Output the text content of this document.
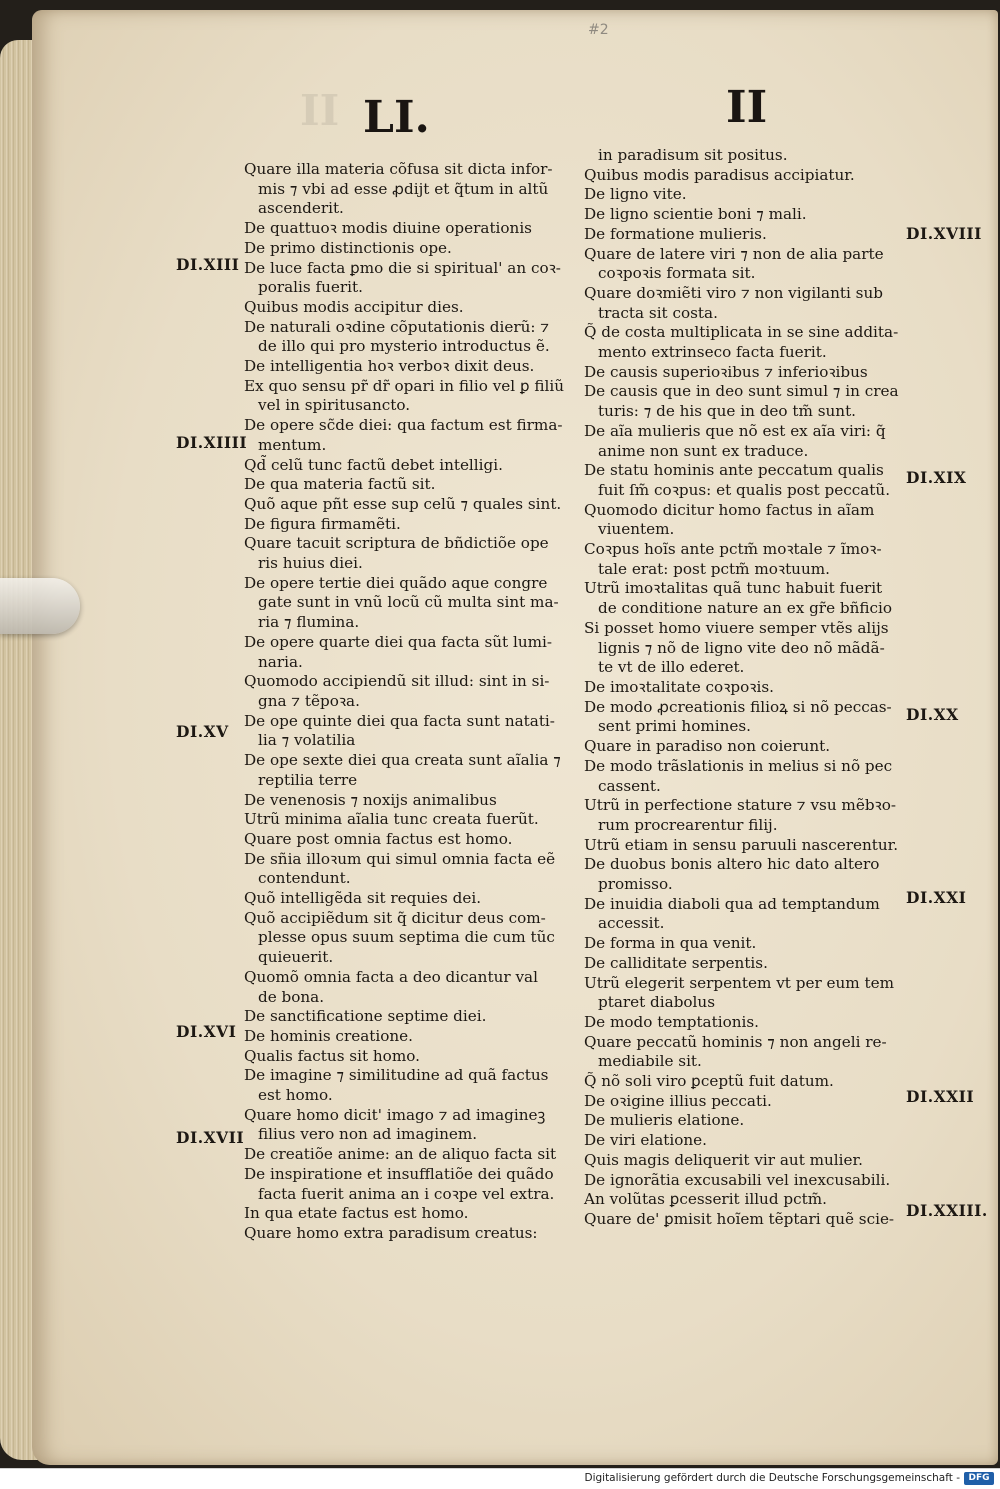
II
#2
LI.	II
Quare illa materia cõfusa sit dicta infor-
mis ⁊ vbi ad esse ꝓdijt et q̃tum in altũ
ascenderit.
De quattuoꝛ modis diuine operationis
De primo distinctionis ope.
De luce facta ꝑmo die si spiritual' an coꝛ-
poralis fuerit.
Quibus modis accipitur dies.
De naturali oꝛdine cõputationis dierũ: ⁊
de illo qui pro mysterio introductus ẽ.
De intelligentia hoꝛ verboꝛ dixit deus.
Ex quo sensu pr̃ dr̃ opari in filio vel ꝑ filiũ
vel in spiritusancto.
De opere sc̃de diei: qua factum est firma-
mentum.
Qd̃ celũ tunc factũ debet intelligi.
De qua materia factũ sit.
Quõ aque pñt esse sup celũ ⁊ quales sint.
De figura firmamẽti.
Quare tacuit scriptura de bñdictiõe ope
ris huius diei.
De opere tertie diei quãdo aque congre
gate sunt in vnũ locũ cũ multa sint ma-
ria ⁊ flumina.
De opere quarte diei qua facta sũt lumi-
naria.
Quomodo accipiendũ sit illud: sint in si-
gna ⁊ tẽpoꝛa.
De ope quinte diei qua facta sunt natati-
lia ⁊ volatilia
De ope sexte diei qua creata sunt aĩalia ⁊
reptilia terre
De venenosis ⁊ noxijs animalibus
Utrũ minima aĩalia tunc creata fuerũt.
Quare post omnia factus est homo.
De sñia illoꝛum qui simul omnia facta eẽ
contendunt.
Quõ intelligẽda sit requies dei.
Quõ accipiẽdum sit q̃ dicitur deus com-
plesse opus suum septima die cum tũc
quieuerit.
Quomõ omnia facta a deo dicantur val
de bona.
De sanctificatione septime diei.
De hominis creatione.
Qualis factus sit homo.
De imagine ⁊ similitudine ad quã factus
est homo.
Quare homo dicit' imago ⁊ ad imagineꝫ
filius vero non ad imaginem.
De creatiõe anime: an de aliquo facta sit
De inspiratione et insufflatiõe dei quãdo
facta fuerit anima an i coꝛpe vel extra.
In qua etate factus est homo.
Quare homo extra paradisum creatus:
in paradisum sit positus.
Quibus modis paradisus accipiatur.
De ligno vite.
De ligno scientie boni ⁊ mali.
De formatione mulieris.
Quare de latere viri ⁊ non de alia parte
coꝛpoꝛis formata sit.
Quare doꝛmiẽti viro ⁊ non vigilanti sub
tracta sit costa.
Q̃ de costa multiplicata in se sine addita-
mento extrinseco facta fuerit.
De causis superioꝛibus ⁊ inferioꝛibus
De causis que in deo sunt simul ⁊ in crea
turis: ⁊ de his que in deo tm̃ sunt.
De aĩa mulieris que nõ est ex aĩa viri: q̃
anime non sunt ex traduce.
De statu hominis ante peccatum qualis
fuit ſm̃ coꝛpus: et qualis post peccatũ.
Quomodo dicitur homo factus in aĩam
viuentem.
Coꝛpus hoĩs ante pctm̃ moꝛtale ⁊ ĩmoꝛ-
tale erat: post pctm̃ moꝛtuum.
Utrũ imoꝛtalitas quã tunc habuit fuerit
de conditione nature an ex gr̃e bñficio
Si posset homo viuere semper vtẽs alijs
lignis ⁊ nõ de ligno vite deo nõ mãdã-
te vt de illo ederet.
De imoꝛtalitate coꝛpoꝛis.
De modo ꝓcreationis filioꝝ si nõ peccas-
sent primi homines.
Quare in paradiso non coierunt.
De modo trãslationis in melius si nõ pec
cassent.
Utrũ in perfectione stature ⁊ vsu mẽbꝛo-
rum procrearentur filij.
Utrũ etiam in sensu paruuli nascerentur.
De duobus bonis altero hic dato altero
promisso.
De inuidia diaboli qua ad temptandum
accessit.
De forma in qua venit.
De calliditate serpentis.
Utrũ elegerit serpentem vt per eum tem
ptaret diabolus
De modo temptationis.
Quare peccatũ hominis ⁊ non angeli re-
mediabile sit.
Q̃ nõ soli viro ꝑceptũ fuit datum.
De oꝛigine illius peccati.
De mulieris elatione.
De viri elatione.
Quis magis deliquerit vir aut mulier.
De ignorãtia excusabili vel inexcusabili.
An volũtas ꝑcesserit illud pctm̃.
Quare de' ꝑmisit hoĩem tẽptari quẽ scie-
DI.XIII
DI.XIIII
DI.XV
DI.XVI
DI.XVII
DI.XVIII
DI.XIX
DI.XX
DI.XXI
DI.XXII
DI.XXIII.
Digitalisierung gefördert durch die Deutsche Forschungsgemeinschaft - DFG
